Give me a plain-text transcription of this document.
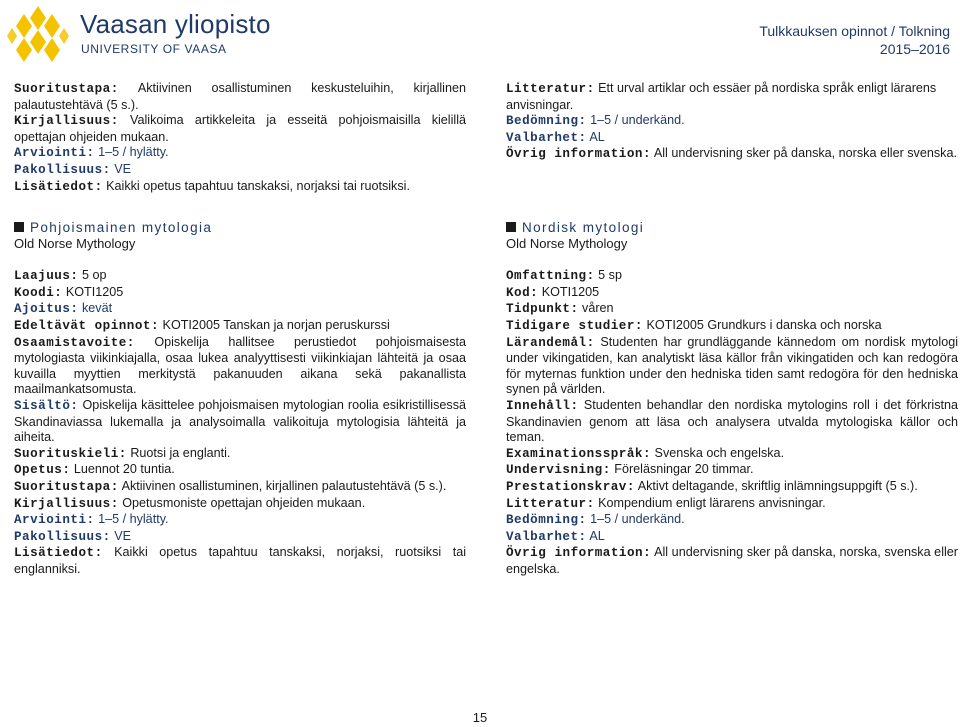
Vaasan yliopisto
UNIVERSITY OF VAASA
Tulkkauksen opinnot / Tolkning
2015–2016

Suoritustapa: Aktiivinen osallistuminen keskusteluihin, kirjallinen palautustehtävä (5 s.).

Kirjallisuus: Valikoima artikkeleita ja esseitä pohjoismaisilla kielillä opettajan ohjeiden mukaan.

Arviointi: 1–5 / hylätty.

Pakollisuus: VE

Lisätiedot: Kaikki opetus tapahtuu tanskaksi, norjaksi tai ruotsiksi.

Litteratur: Ett urval artiklar och essäer på nordiska språk enligt lärarens anvisningar.

Bedömning: 1–5 / underkänd.

Valbarhet: AL

Övrig information: All undervisning sker på danska, norska eller svenska.

Pohjoismainen mytologia

Old Norse Mythology

Laajuus: 5 op

Koodi: KOTI1205

Ajoitus: kevät

Edeltävät opinnot: KOTI2005 Tanskan ja norjan peruskurssi

Osaamistavoite: Opiskelija hallitsee perustiedot pohjoismaisesta mytologiasta viikinkiajalla, osaa lukea analyyttisesti viikinkiajan lähteitä ja osaa kuvailla myyttien merkitystä pakanuuden aikana sekä pakanallista maailmankatsomusta.

Sisältö: Opiskelija käsittelee pohjoismaisen mytologian roolia esikristillisessä Skandinaviassa lukemalla ja analysoimalla valikoituja mytologisia lähteitä ja aiheita.

Suorituskieli: Ruotsi ja englanti.

Opetus: Luennot 20 tuntia.

Suoritustapa: Aktiivinen osallistuminen, kirjallinen palautustehtävä (5 s.).

Kirjallisuus: Opetusmoniste opettajan ohjeiden mukaan.

Arviointi: 1–5 / hylätty.

Pakollisuus: VE

Lisätiedot: Kaikki opetus tapahtuu tanskaksi, norjaksi, ruotsiksi tai englanniksi.

Nordisk mytologi

Old Norse Mythology

Omfattning: 5 sp

Kod: KOTI1205

Tidpunkt: våren

Tidigare studier: KOTI2005 Grundkurs i danska och norska

Lärandemål: Studenten har grundläggande kännedom om nordisk mytologi under vikingatiden, kan analytiskt läsa källor från vikingatiden och kan redogöra för myternas funktion under den hedniska tiden samt redogöra för den hedniska synen på världen.

Innehåll: Studenten behandlar den nordiska mytologins roll i det förkristna Skandinavien genom att läsa och analysera utvalda mytologiska källor och teman.

Examinationsspråk: Svenska och engelska.

Undervisning: Föreläsningar 20 timmar.

Prestationskrav: Aktivt deltagande, skriftlig inlämningsuppgift (5 s.).

Litteratur: Kompendium enligt lärarens anvisningar.

Bedömning: 1–5 / underkänd.

Valbarhet: AL

Övrig information: All undervisning sker på danska, norska, svenska eller engelska.

15
